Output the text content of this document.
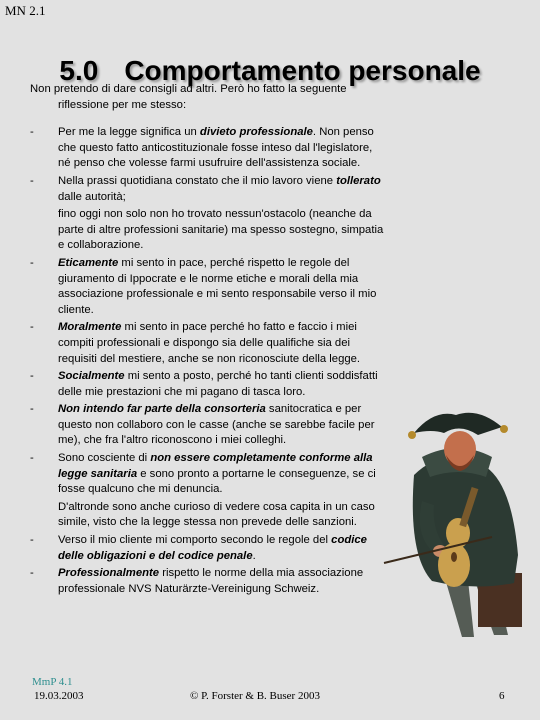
MN 2.1
5.0 Comportamento personale

Non pretendo di dare consigli ad altri. Però ho fatto la seguente

riflessione per me stesso:

- Per me la legge significa un divieto professionale. Non penso che questo fatto anticostituzionale fosse inteso dal l'legislatore, né penso che volesse farmi usufruire dell'assistenza sociale.

- Nella prassi quotidiana constato che il mio lavoro viene tollerato dalle autorità;

fino oggi non solo non ho trovato nessun'ostacolo (neanche da parte di altre professioni sanitarie) ma spesso sostegno, simpatia e collaborazione.

- Eticamente mi sento in pace, perché rispetto le regole del giuramento di Ippocrate e le norme etiche e morali della mia associazione professionale e mi sento responsabile verso il mio cliente.

- Moralmente mi sento in pace perché ho fatto e faccio i miei compiti professionali e dispongo sia delle qualifiche sia dei requisiti del mestiere, anche se non riconosciute della legge.

- Socialmente mi sento a posto, perché ho tanti clienti soddisfatti delle mie prestazioni che mi pagano di tasca loro.

- Non intendo far parte della consorteria sanitocratica e per questo non collaboro con le casse (anche se sarebbe facile per me), che fra l'altro riconoscono i miei colleghi.

- Sono cosciente di non essere completamente conforme alla legge sanitaria e sono pronto a portarne le conseguenze, se ci fosse qualcuno che mi denuncia.

D'altronde sono anche curioso di vedere cosa capita in un caso simile, visto che la legge stessa non prevede delle sanzioni.

- Verso il mio cliente mi comporto secondo le regole del codice delle obligazioni e del codice penale.

- Professionalmente rispetto le norme della mia associazione professionale NVS Naturärzte-Vereinigung Schweiz.

MmP 4.1
19.03.2003	© P. Forster & B. Buser 2003	6
